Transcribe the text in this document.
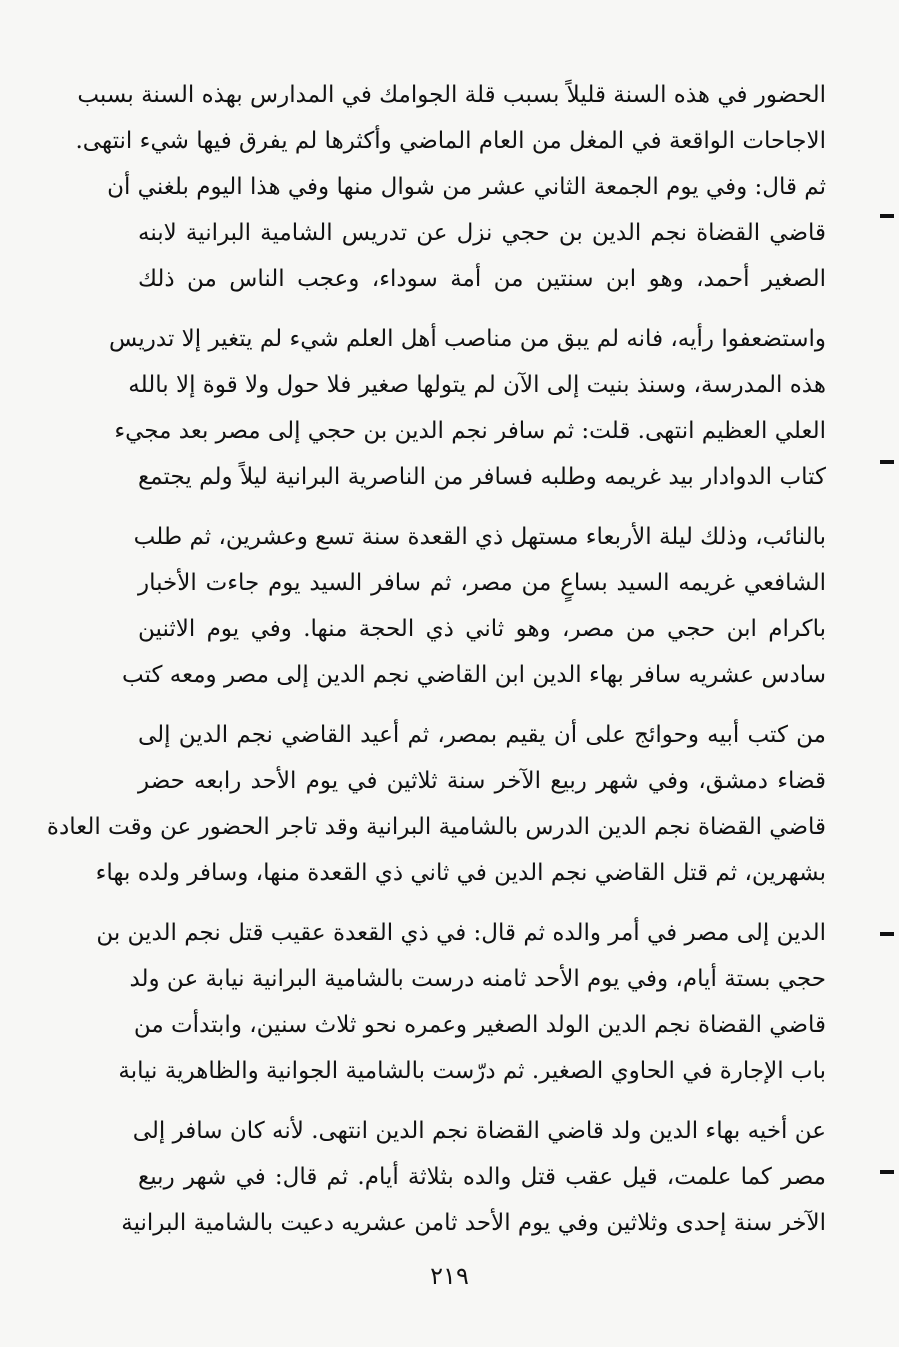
الحضور في هذه السنة قليلاً بسبب قلة الجوامك في المدارس بهذه السنة بسبب
الاجاحات الواقعة في المغل من العام الماضي وأكثرها لم يفرق فيها شيء انتهى.
ثم قال: وفي يوم الجمعة الثاني عشر من شوال منها وفي هذا اليوم بلغني أن
قاضي القضاة نجم الدين بن حجي نزل عن تدريس الشامية البرانية لابنه
الصغير أحمد، وهو ابن سنتين من أمة سوداء، وعجب الناس من ذلك
واستضعفوا رأيه، فانه لم يبق من مناصب أهل العلم شيء لم يتغير إلا تدريس
هذه المدرسة، وسنذ بنيت إلى الآن لم يتولها صغير فلا حول ولا قوة إلا بالله
العلي العظيم انتهى. قلت: ثم سافر نجم الدين بن حجي إلى مصر بعد مجيء
كتاب الدوادار بيد غريمه وطلبه فسافر من الناصرية البرانية ليلاً ولم يجتمع
بالنائب، وذلك ليلة الأربعاء مستهل ذي القعدة سنة تسع وعشرين، ثم طلب
الشافعي غريمه السيد بساعٍ من مصر، ثم سافر السيد يوم جاءت الأخبار
باكرام ابن حجي من مصر، وهو ثاني ذي الحجة منها. وفي يوم الاثنين
سادس عشريه سافر بهاء الدين ابن القاضي نجم الدين إلى مصر ومعه كتب
من كتب أبيه وحوائج على أن يقيم بمصر، ثم أعيد القاضي نجم الدين إلى
قضاء دمشق، وفي شهر ربيع الآخر سنة ثلاثين في يوم الأحد رابعه حضر
قاضي القضاة نجم الدين الدرس بالشامية البرانية وقد تاجر الحضور عن وقت العادة
بشهرين، ثم قتل القاضي نجم الدين في ثاني ذي القعدة منها، وسافر ولده بهاء
الدين إلى مصر في أمر والده ثم قال: في ذي القعدة عقيب قتل نجم الدين بن
حجي بستة أيام، وفي يوم الأحد ثامنه درست بالشامية البرانية نيابة عن ولد
قاضي القضاة نجم الدين الولد الصغير وعمره نحو ثلاث سنين، وابتدأت من
باب الإجارة في الحاوي الصغير. ثم درّست بالشامية الجوانية والظاهرية نيابة
عن أخيه بهاء الدين ولد قاضي القضاة نجم الدين انتهى. لأنه كان سافر إلى
مصر كما علمت، قيل عقب قتل والده بثلاثة أيام. ثم قال: في شهر ربيع
الآخر سنة إحدى وثلاثين وفي يوم الأحد ثامن عشريه دعيت بالشامية البرانية
٢١٩
